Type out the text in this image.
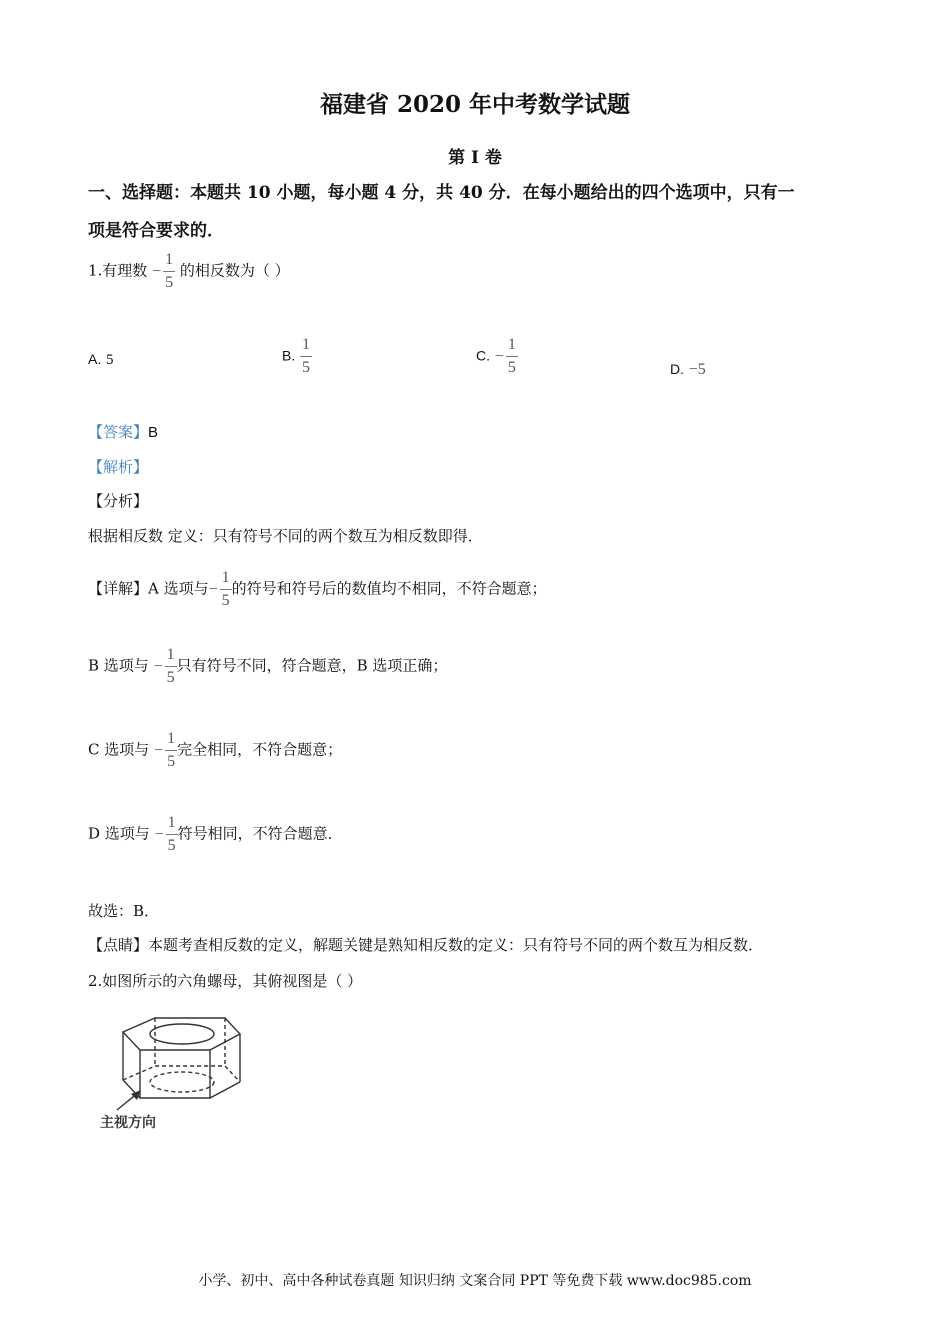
福建省 2020 年中考数学试题
第 I 卷
一、选择题：本题共 10 小题，每小题 4 分，共 40 分．在每小题给出的四个选项中，只有一
项是符合要求的．
1.有理数 − $\frac{1}{5}$ 的相反数为（ ）
A. 5	B. $\frac{1}{5}$	C. − $\frac{1}{5}$	D. −5
【答案】B
【解析】
【分析】
根据相反数 定义：只有符号不同的两个数互为相反数即得．
【详解】A 选项与− $\frac{1}{5}$ 的符号和符号后的数值均不相同，不符合题意；
B 选项与 − $\frac{1}{5}$ 只有符号不同，符合题意，B 选项正确；
C 选项与 − $\frac{1}{5}$ 完全相同，不符合题意；
D 选项与 − $\frac{1}{5}$ 符号相同，不符合题意．
故选：B．
【点睛】本题考查相反数的定义，解题关键是熟知相反数的定义：只有符号不同的两个数互为相反数．
2.如图所示的六角螺母，其俯视图是（ ）
主视方向
小学、初中、高中各种试卷真题 知识归纳 文案合同 PPT 等免费下载 www.doc985.com
